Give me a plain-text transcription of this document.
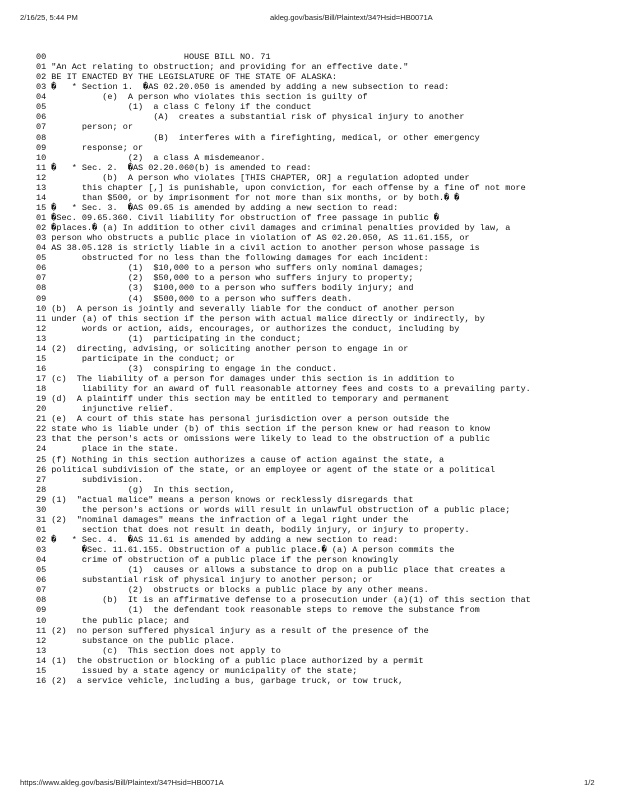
2/16/25, 5:44 PM	akleg.gov/basis/Bill/Plaintext/34?Hsid=HB0071A
00                           HOUSE BILL NO. 71
01 "An Act relating to obstruction; and providing for an effective date."
02 BE IT ENACTED BY THE LEGISLATURE OF THE STATE OF ALASKA:
03 �   * Section 1.  �AS 02.20.050 is amended by adding a new subsection to read:
04           (e)  A person who violates this section is guilty of
05                (1)  a class C felony if the conduct
06                     (A)  creates a substantial risk of physical injury to another
07       person; or
08                     (B)  interferes with a firefighting, medical, or other emergency
09       response; or
10                (2)  a class A misdemeanor.
11 �   * Sec. 2.  �AS 02.20.060(b) is amended to read:
12           (b)  A person who violates [THIS CHAPTER, OR] a regulation adopted under
13       this chapter [,] is punishable, upon conviction, for each offense by a fine of not more
14       than $500, or by imprisonment for not more than six months, or by both.� �
15 �   * Sec. 3.  �AS 09.65 is amended by adding a new section to read:
01 �Sec. 09.65.360. Civil liability for obstruction of free passage in public �
02 �places.� (a) In addition to other civil damages and criminal penalties provided by law, a
03 person who obstructs a public place in violation of AS 02.20.050, AS 11.61.155, or
04 AS 38.05.128 is strictly liable in a civil action to another person whose passage is
05       obstructed for no less than the following damages for each incident:
06                (1)  $10,000 to a person who suffers only nominal damages;
07                (2)  $50,000 to a person who suffers injury to property;
08                (3)  $100,000 to a person who suffers bodily injury; and
09                (4)  $500,000 to a person who suffers death.
10 (b)  A person is jointly and severally liable for the conduct of another person
11 under (a) of this section if the person with actual malice directly or indirectly, by
12       words or action, aids, encourages, or authorizes the conduct, including by
13                (1)  participating in the conduct;
14 (2)  directing, advising, or soliciting another person to engage in or
15       participate in the conduct; or
16                (3)  conspiring to engage in the conduct.
17 (c)  The liability of a person for damages under this section is in addition to
18       liability for an award of full reasonable attorney fees and costs to a prevailing party.
19 (d)  A plaintiff under this section may be entitled to temporary and permanent
20       injunctive relief.
21 (e)  A court of this state has personal jurisdiction over a person outside the
22 state who is liable under (b) of this section if the person knew or had reason to know
23 that the person's acts or omissions were likely to lead to the obstruction of a public
24       place in the state.
25 (f) Nothing in this section authorizes a cause of action against the state, a
26 political subdivision of the state, or an employee or agent of the state or a political
27       subdivision.
28                (g)  In this section,
29 (1)  "actual malice" means a person knows or recklessly disregards that
30       the person's actions or words will result in unlawful obstruction of a public place;
31 (2)  "nominal damages" means the infraction of a legal right under the
01       section that does not result in death, bodily injury, or injury to property.
02 �   * Sec. 4.  �AS 11.61 is amended by adding a new section to read:
03       �Sec. 11.61.155. Obstruction of a public place.� (a) A person commits the
04       crime of obstruction of a public place if the person knowingly
05                (1)  causes or allows a substance to drop on a public place that creates a
06       substantial risk of physical injury to another person; or
07                (2)  obstructs or blocks a public place by any other means.
08           (b)  It is an affirmative defense to a prosecution under (a)(1) of this section that
09                (1)  the defendant took reasonable steps to remove the substance from
10       the public place; and
11 (2)  no person suffered physical injury as a result of the presence of the
12       substance on the public place.
13           (c)  This section does not apply to
14 (1)  the obstruction or blocking of a public place authorized by a permit
15       issued by a state agency or municipality of the state;
16 (2)  a service vehicle, including a bus, garbage truck, or tow truck,
https://www.akleg.gov/basis/Bill/Plaintext/34?Hsid=HB0071A	1/2
